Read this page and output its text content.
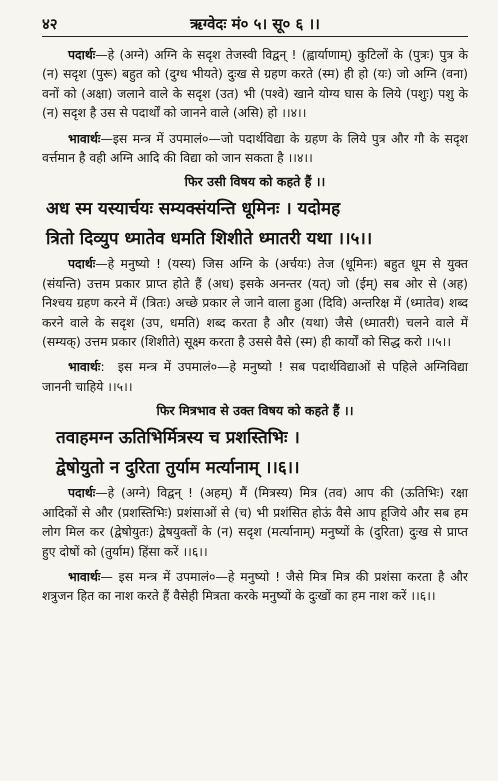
४२	ऋग्वेदः मं० ५। सू० ६ ।।

पदार्थः—हे (अग्ने) अग्नि के सदृश तेजस्वी विद्वन् ! (ह्वार्याणाम्) कुटिलों के (पुत्रः) पुत्र के (न) सदृश (पुरू) बहुत को (दुग्ध भीयते) दुःख से ग्रहण करते (स्म) ही हो (यः) जो अग्नि (वना) वनों को (अक्षा) जलाने वाले के सदृश (उत) भी (पश्वे) खाने योग्य घास के लिये (पशुः) पशु के (न) सदृश है उस से पदार्थों को जानने वाले (असि) हो ।।४।।

भावार्थः—इस मन्त्र में उपमालं०—जो पदार्थविद्या के ग्रहण के लिये पुत्र और गौ के सदृश वर्त्तमान है वही अग्नि आदि की विद्या को जान सकता है ।।४।।

फिर उसी विषय को कहते हैं ।।
अध स्म यस्यार्चयः सम्यक्संयन्ति धूमिनः । यदोमह
त्रितो दिव्युप ध्मातेव धमति शिशीते ध्मातरी यथा ।।५।।

पदार्थः—हे मनुष्यो ! (यस्य) जिस अग्नि के (अर्चयः) तेज (धूमिनः) बहुत धूम से युक्त (संयन्ति) उत्तम प्रकार प्राप्त होते हैं (अध) इसके अनन्तर (यत्) जो (ईम्) सब ओर से (अह) निश्चय ग्रहण करने में (त्रितः) अच्छे प्रकार ले जाने वाला हुआ (दिवि) अन्तरिक्ष में (ध्मातेव) शब्द करने वाले के सदृश (उप, धमति) शब्द करता है और (यथा) जैसे (ध्मातरी) चलने वाले में (सम्यक्) उत्तम प्रकार (शिशीते) सूक्ष्म करता है उससे वैसे (स्म) ही कार्यों को सिद्ध करो ।।५।।

भावार्थः:  इस मन्त्र में उपमालं०—हे मनुष्यो ! सब पदार्थविद्याओं से पहिले अग्निविद्या जाननी चाहिये ।।५।।

फिर मित्रभाव से उक्त विषय को कहते हैं ।।
तवाहमग्न ऊतिभिर्मित्रस्य च प्रशस्तिभिः ।
द्वेषोयुतो न दुरिता तुर्याम मर्त्यानाम् ।।६।।

पदार्थः—हे (अग्ने) विद्वन् ! (अहम्) मैं (मित्रस्य) मित्र (तव) आप की (ऊतिभिः) रक्षा आदिकों से और (प्रशस्तिभिः) प्रशंसाओं से (च) भी प्रशंसित होऊं वैसे आप हूजिये और सब हम लोग मिल कर (द्वेषोयुतः) द्वेषयुक्तों के (न) सदृश (मर्त्यानाम्) मनुष्यों के (दुरिता) दुःख से प्राप्त हुए दोषों को (तुर्याम) हिंसा करें ।।६।।

भावार्थः— इस मन्त्र में उपमालं०—हे मनुष्यो ! जैसे मित्र मित्र की प्रशंसा करता है और शत्रुजन हित का नाश करते हैं वैसेही मित्रता करके मनुष्यों के दुःखों का हम नाश करें ।।६।।
